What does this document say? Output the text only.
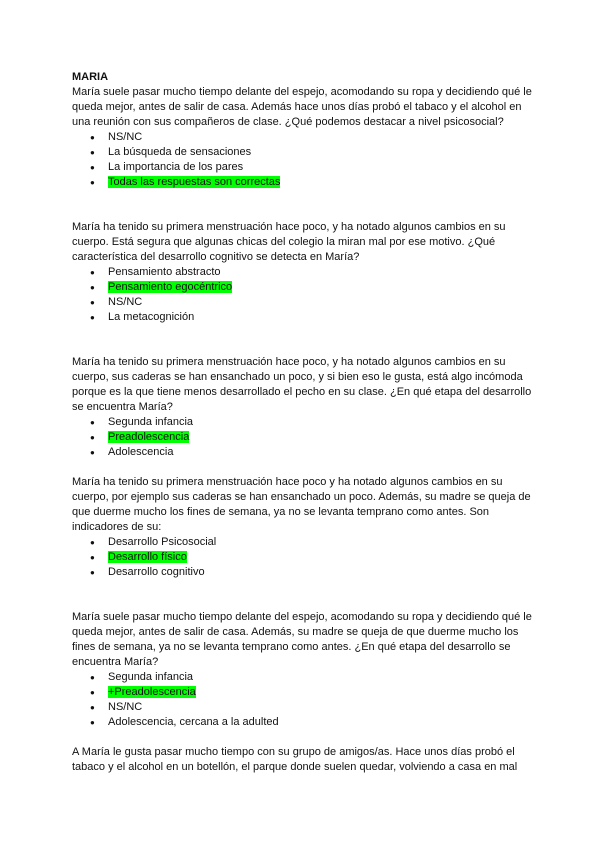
MARIA

María suele pasar mucho tiempo delante del espejo, acomodando su ropa y decidiendo qué le queda mejor, antes de salir de casa. Además hace unos días probó el tabaco y el alcohol en una reunión con sus compañeros de clase. ¿Qué podemos destacar a nivel psicosocial?

● NS/NC
● La búsqueda de sensaciones
● La importancia de los pares
● Todas las respuestas son correctas

María ha tenido su primera menstruación hace poco, y ha notado algunos cambios en su cuerpo. Está segura que algunas chicas del colegio la miran mal por ese motivo. ¿Qué característica del desarrollo cognitivo se detecta en María?

● Pensamiento abstracto
● Pensamiento egocéntrico
● NS/NC
● La metacognición

María ha tenido su primera menstruación hace poco, y ha notado algunos cambios en su cuerpo, sus caderas se han ensanchado un poco, y si bien eso le gusta, está algo incómoda porque es la que tiene menos desarrollado el pecho en su clase. ¿En qué etapa del desarrollo se encuentra María?

● Segunda infancia
● Preadolescencia
● Adolescencia

María ha tenido su primera menstruación hace poco y ha notado algunos cambios en su cuerpo, por ejemplo sus caderas se han ensanchado un poco. Además, su madre se queja de que duerme mucho los fines de semana, ya no se levanta temprano como antes. Son indicadores de su:

● Desarrollo Psicosocial
● Desarrollo físico
● Desarrollo cognitivo

María suele pasar mucho tiempo delante del espejo, acomodando su ropa y decidiendo qué le queda mejor, antes de salir de casa. Además, su madre se queja de que duerme mucho los fines de semana, ya no se levanta temprano como antes. ¿En qué etapa del desarrollo se encuentra María?

● Segunda infancia
● +Preadolescencia
● NS/NC
● Adolescencia, cercana a la adulted

A María le gusta pasar mucho tiempo con su grupo de amigos/as. Hace unos días probó el tabaco y el alcohol en un botellón, el parque donde suelen quedar, volviendo a casa en mal
